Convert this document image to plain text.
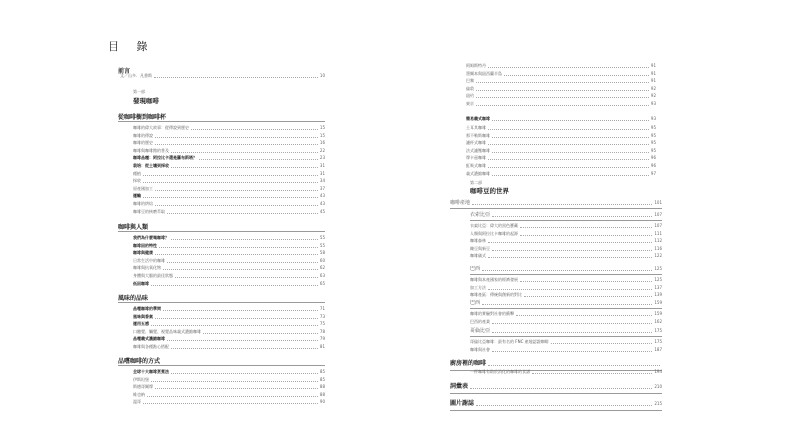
目 錄
前言
文／山多．凡書斯	10
第一部
發現咖啡
從咖啡樹到咖啡杯
咖啡的偉大故事：從傳說到歷史	15
咖啡的傳說	15
咖啡的歷史	16
咖啡與咖啡館的普及	22
咖啡品種：阿拉比卡還是羅布斯塔？	23
栽培：從土壤到採收	31
種植	31
採收	34
原產國加工	37
運輸	43
咖啡的烘焙	43
咖啡豆的核磨萃取	45
咖啡與人類
我們為什麼喝咖啡？	55
咖啡因的特性	55
咖啡與健康	58
日常生活中的咖啡	60
咖啡與抗氧化物	62
身體與大腦的最佳狀態	63
低因咖啡	65
風味的品味
品嚐咖啡的學問	71
風味與香氣	73
運用五感	75
口聽覺、觸覺、視覺品味義式濃縮咖啡	78
品嚐義式濃縮咖啡	79
咖啡與各種點心搭配	81
品嚐咖啡的方式
全球十大咖啡烹煮法	85
伊斯坦堡	85
斯德哥爾摩	88
維也納	88
溫哥	90
阿姆斯特丹	91
墨爾本與紐西蘭半島	91
巴黎	91
倫敦	92
紐約	92
東京	93
簡易義式咖啡	93
土耳其咖啡	95
那不勒斯咖啡	95
濾杯式咖啡	95
法式濾壓咖啡	95
摩卡壺咖啡	96
虹吸式咖啡	96
義式濃縮咖啡	97
第二部
咖啡豆的世界
咖啡產地	101
衣索比亞	107
衣索比亞：偉大的黑色寶藏	107
人類與阿拉比卡咖啡的起源	111
咖啡森林	112
陳豆與新豆	116
咖啡儀式	122
巴西	125
咖啡與本產國家的經濟發展	125
加工方法	137
咖啡產區：傳統與創新的對比	139
巴西	159
咖啡的實驗對社會的衝擊	159
巴西的產業	162
哥倫比亞	175
哥倫比亞咖啡：最有名的 FNC 產地認證咖啡	175
咖啡與社會	187
廚房裡的咖啡
一杯咖啡有助於消化的咖啡的食譜	194
詞彙表	210
圖片謝誌	215
